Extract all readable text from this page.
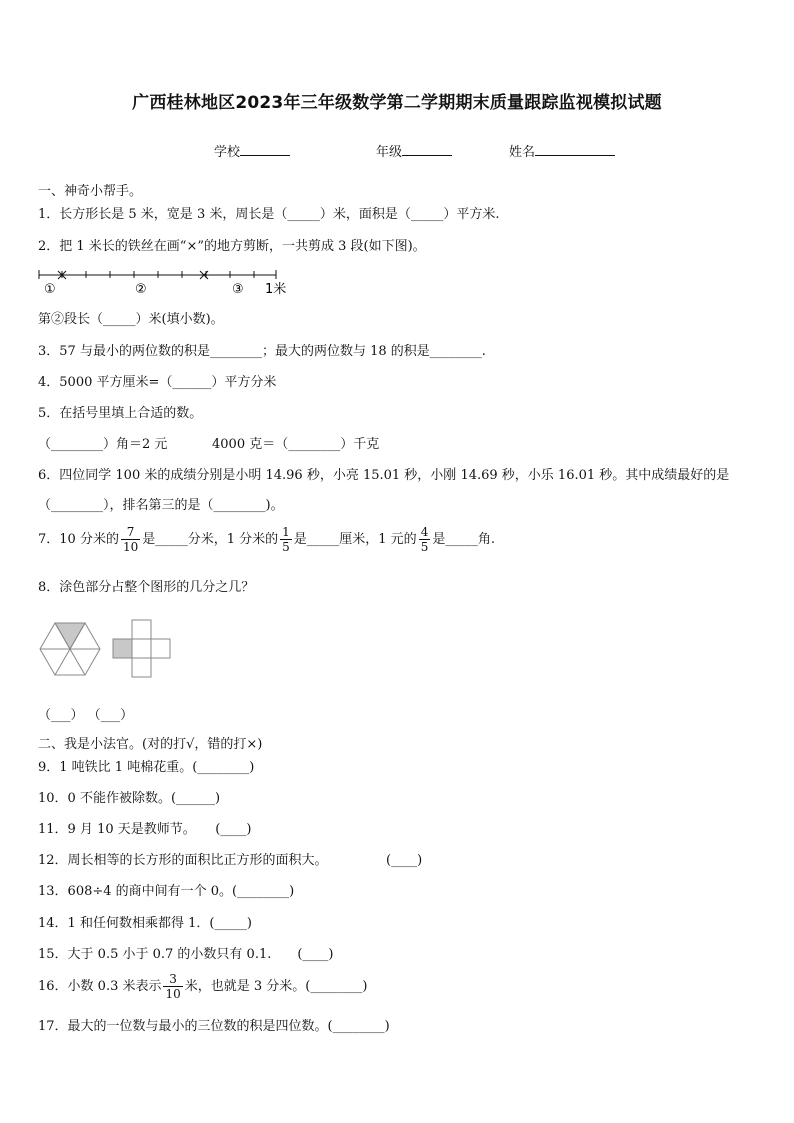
广西桂林地区2023年三年级数学第二学期期末质量跟踪监视模拟试题
学校	年级	姓名
一、神奇小帮手。
1．长方形长是 5 米，宽是 3 米，周长是（_____）米，面积是（_____）平方米.
2．把 1 米长的铁丝在画“×”的地方剪断，一共剪成 3 段(如下图)。
①	②	③ 1米
第②段长（_____）米(填小数)。
3．57 与最小的两位数的积是________；最大的两位数与 18 的积是________.
4．5000 平方厘米=（______）平方分米
5．在括号里填上合适的数。
（________）角＝2 元	4000 克＝（________）千克
6．四位同学 100 米的成绩分别是小明 14.96 秒，小亮 15.01 秒，小刚 14.69 秒，小乐 16.01 秒。其中成绩最好的是
（________），排名第三的是（________)。
7．10 分米的 $\frac{7}{10}$ 是_____分米，1 分米的 $\frac{1}{5}$ 是_____厘米，1 元的 $\frac{4}{5}$ 是_____角.
8．涂色部分占整个图形的几分之几？
（___） （___）
二、我是小法官。(对的打√，错的打×)
9．1 吨铁比 1 吨棉花重。(________)
10．0 不能作被除数。(______)
11．9 月 10 天是教师节。　　(____)
12．周长相等的长方形的面积比正方形的面积大。　　　　　(____)
13．608÷4 的商中间有一个 0。(________)
14．1 和任何数相乘都得 1．(_____)
15．大于 0.5 小于 0.7 的小数只有 0.1.　　(____)
16．小数 0.3 米表示 $\frac{3}{10}$ 米，也就是 3 分米。(________)
17．最大的一位数与最小的三位数的积是四位数。(________)
